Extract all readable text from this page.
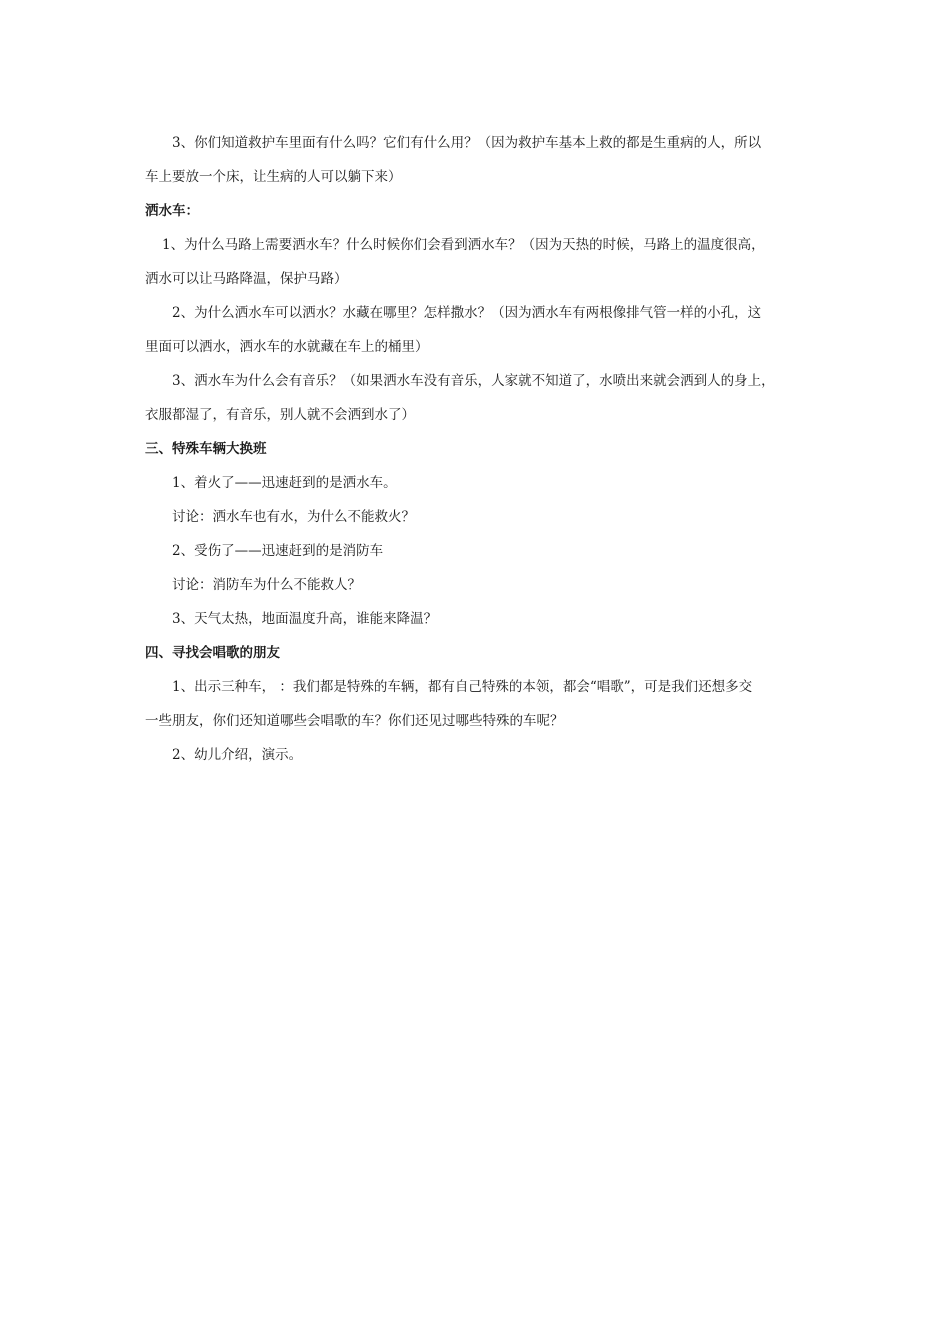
3、你们知道救护车里面有什么吗？它们有什么用？（因为救护车基本上救的都是生重病的人，所以

车上要放一个床，让生病的人可以躺下来）

洒水车：

1、为什么马路上需要洒水车？什么时候你们会看到洒水车？（因为天热的时候，马路上的温度很高，

洒水可以让马路降温，保护马路）

2、为什么洒水车可以洒水？水藏在哪里？怎样撒水？（因为洒水车有两根像排气管一样的小孔，这

里面可以洒水，洒水车的水就藏在车上的桶里）

3、洒水车为什么会有音乐？（如果洒水车没有音乐，人家就不知道了，水喷出来就会洒到人的身上，

衣服都湿了，有音乐，别人就不会洒到水了）

三、特殊车辆大换班

1、着火了——迅速赶到的是洒水车。

讨论：洒水车也有水，为什么不能救火？

2、受伤了——迅速赶到的是消防车

讨论：消防车为什么不能救人？

3、天气太热，地面温度升高，谁能来降温？

四、寻找会唱歌的朋友

1、出示三种车， ：我们都是特殊的车辆，都有自己特殊的本领，都会“唱歌”，可是我们还想多交

一些朋友，你们还知道哪些会唱歌的车？你们还见过哪些特殊的车呢？

2、幼儿介绍，演示。
